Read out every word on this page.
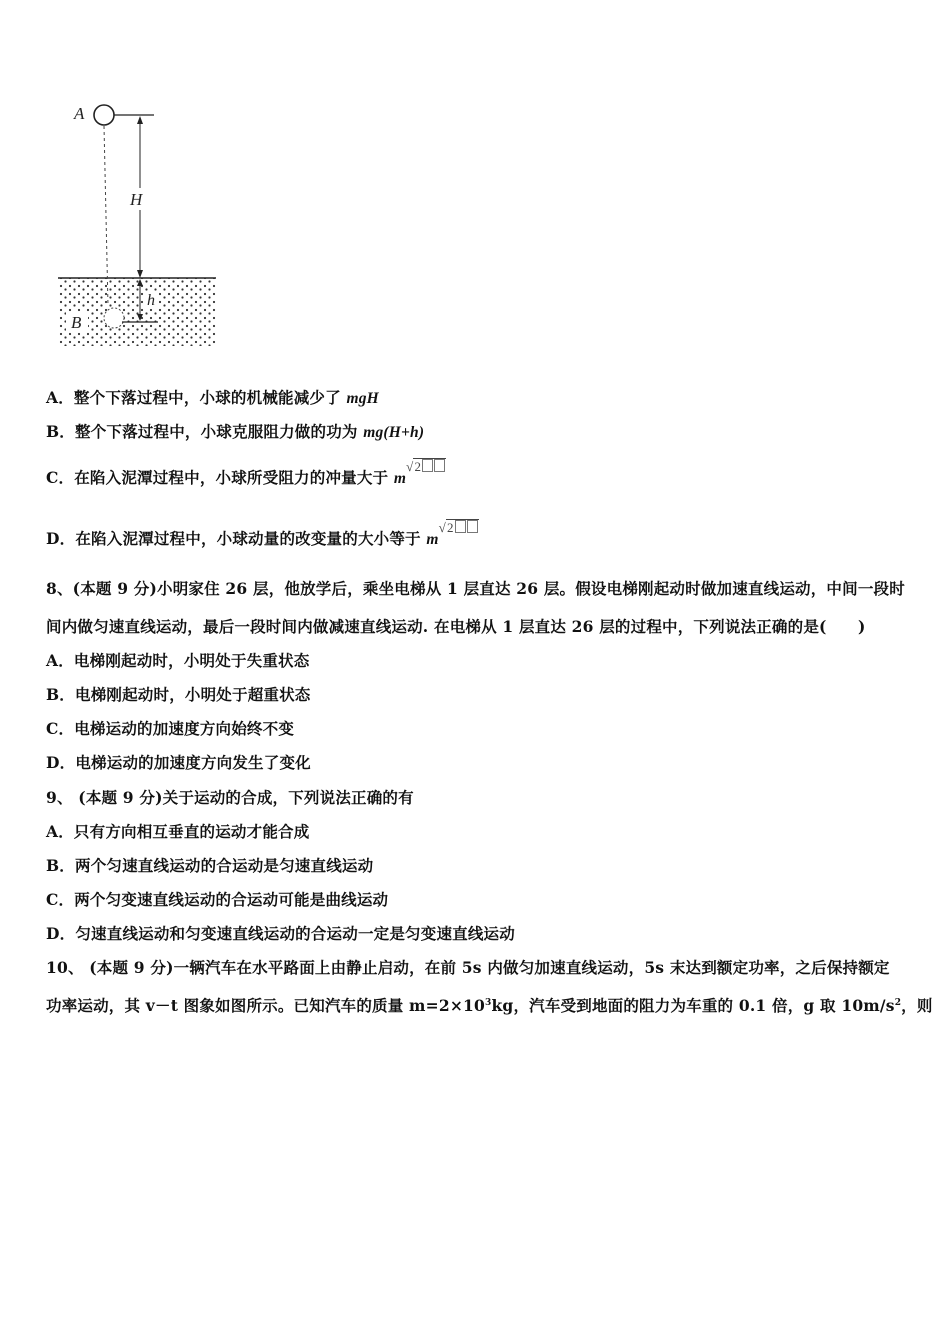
A
H
h
B
A．整个下落过程中，小球的机械能减少了 mgH
B．整个下落过程中，小球克服阻力做的功为 mg(H+h)
C．在陷入泥潭过程中，小球所受阻力的冲量大于 $m^{√2}$
D．在陷入泥潭过程中，小球动量的改变量的大小等于 $m^{√2}$
8、(本题 9 分)小明家住 26 层，他放学后，乘坐电梯从 1 层直达 26 层。假设电梯刚起动时做加速直线运动，中间一段时
间内做匀速直线运动，最后一段时间内做减速直线运动. 在电梯从 1 层直达 26 层的过程中，下列说法正确的是(　　)
A．电梯刚起动时，小明处于失重状态
B．电梯刚起动时，小明处于超重状态
C．电梯运动的加速度方向始终不变
D．电梯运动的加速度方向发生了变化
9、 (本题 9 分)关于运动的合成，下列说法正确的有
A．只有方向相互垂直的运动才能合成
B．两个匀速直线运动的合运动是匀速直线运动
C．两个匀变速直线运动的合运动可能是曲线运动
D．匀速直线运动和匀变速直线运动的合运动一定是匀变速直线运动
10、 (本题 9 分)一辆汽车在水平路面上由静止启动，在前 5s 内做匀加速直线运动，5s 末达到额定功率，之后保持额定
功率运动，其 v－t 图象如图所示。已知汽车的质量 $m=2\times 10^3kg$，汽车受到地面的阻力为车重的 0.1 倍，g 取 $10m/s^2$，则
